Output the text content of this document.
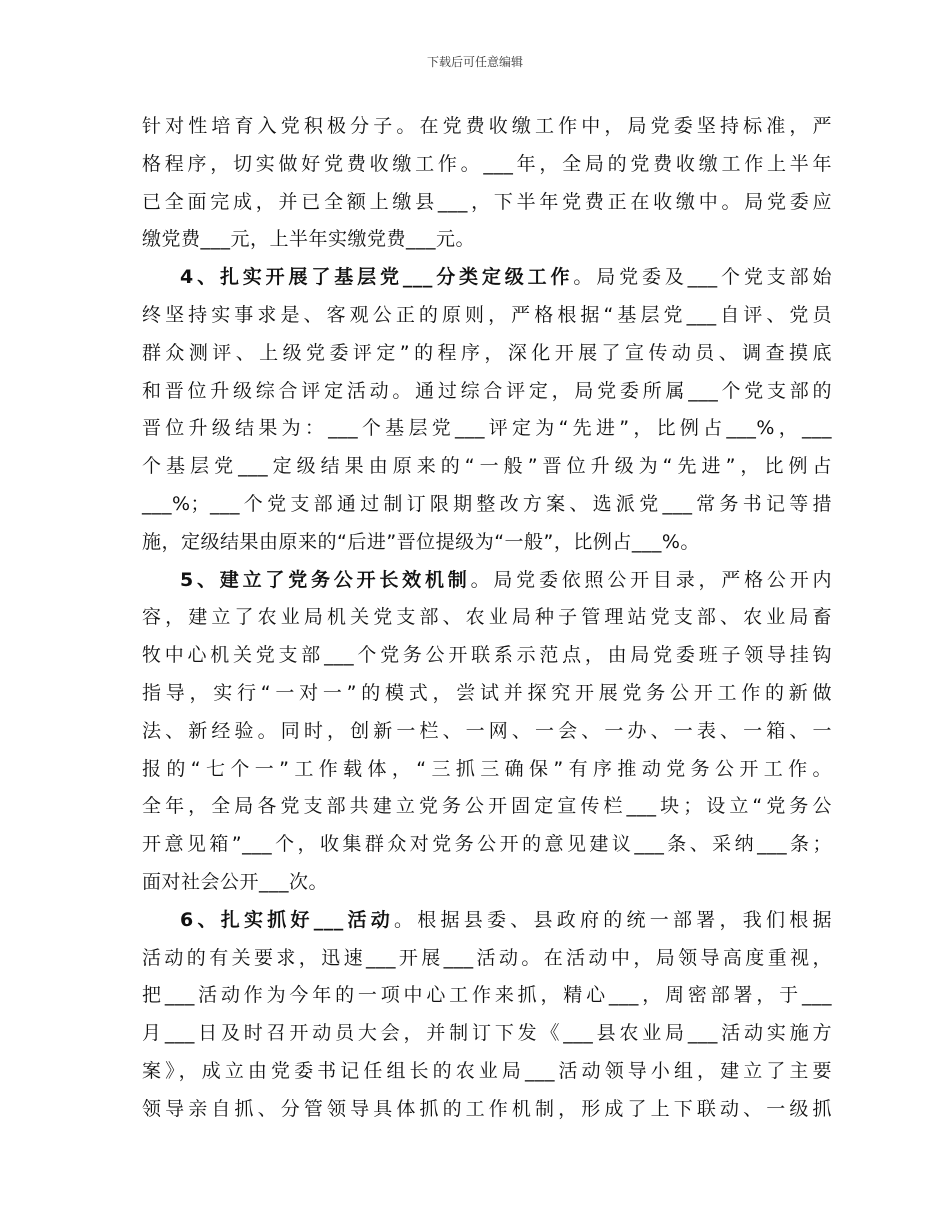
下载后可任意编辑
针对性培育入党积极分子。在党费收缴工作中，局党委坚持标准，严
格程序，切实做好党费收缴工作。___年，全局的党费收缴工作上半年
已全面完成，并已全额上缴县___，下半年党费正在收缴中。局党委应
缴党费___元，上半年实缴党费___元。
4、扎实开展了基层党___分类定级工作。局党委及___个党支部始
终坚持实事求是、客观公正的原则，严格根据“基层党___自评、党员
群众测评、上级党委评定”的程序，深化开展了宣传动员、调查摸底
和晋位升级综合评定活动。通过综合评定，局党委所属___个党支部的
晋位升级结果为：___个基层党___评定为“先进”，比例占___%，___
个基层党___定级结果由原来的“一般”晋位升级为“先进”，比例占
___%；___个党支部通过制订限期整改方案、选派党___常务书记等措
施，定级结果由原来的“后进”晋位提级为“一般”，比例占___%。
5、建立了党务公开长效机制。局党委依照公开目录，严格公开内
容，建立了农业局机关党支部、农业局种子管理站党支部、农业局畜
牧中心机关党支部___个党务公开联系示范点，由局党委班子领导挂钩
指导，实行“一对一”的模式，尝试并探究开展党务公开工作的新做
法、新经验。同时，创新一栏、一网、一会、一办、一表、一箱、一
报的“七个一”工作载体，“三抓三确保”有序推动党务公开工作。
全年，全局各党支部共建立党务公开固定宣传栏___块；设立“党务公
开意见箱”___个，收集群众对党务公开的意见建议___条、采纳___条；
面对社会公开___次。
6、扎实抓好___活动。根据县委、县政府的统一部署，我们根据
活动的有关要求，迅速___开展___活动。在活动中，局领导高度重视，
把___活动作为今年的一项中心工作来抓，精心___，周密部署，于___
月___日及时召开动员大会，并制订下发《___县农业局___活动实施方
案》，成立由党委书记任组长的农业局___活动领导小组，建立了主要
领导亲自抓、分管领导具体抓的工作机制，形成了上下联动、一级抓
